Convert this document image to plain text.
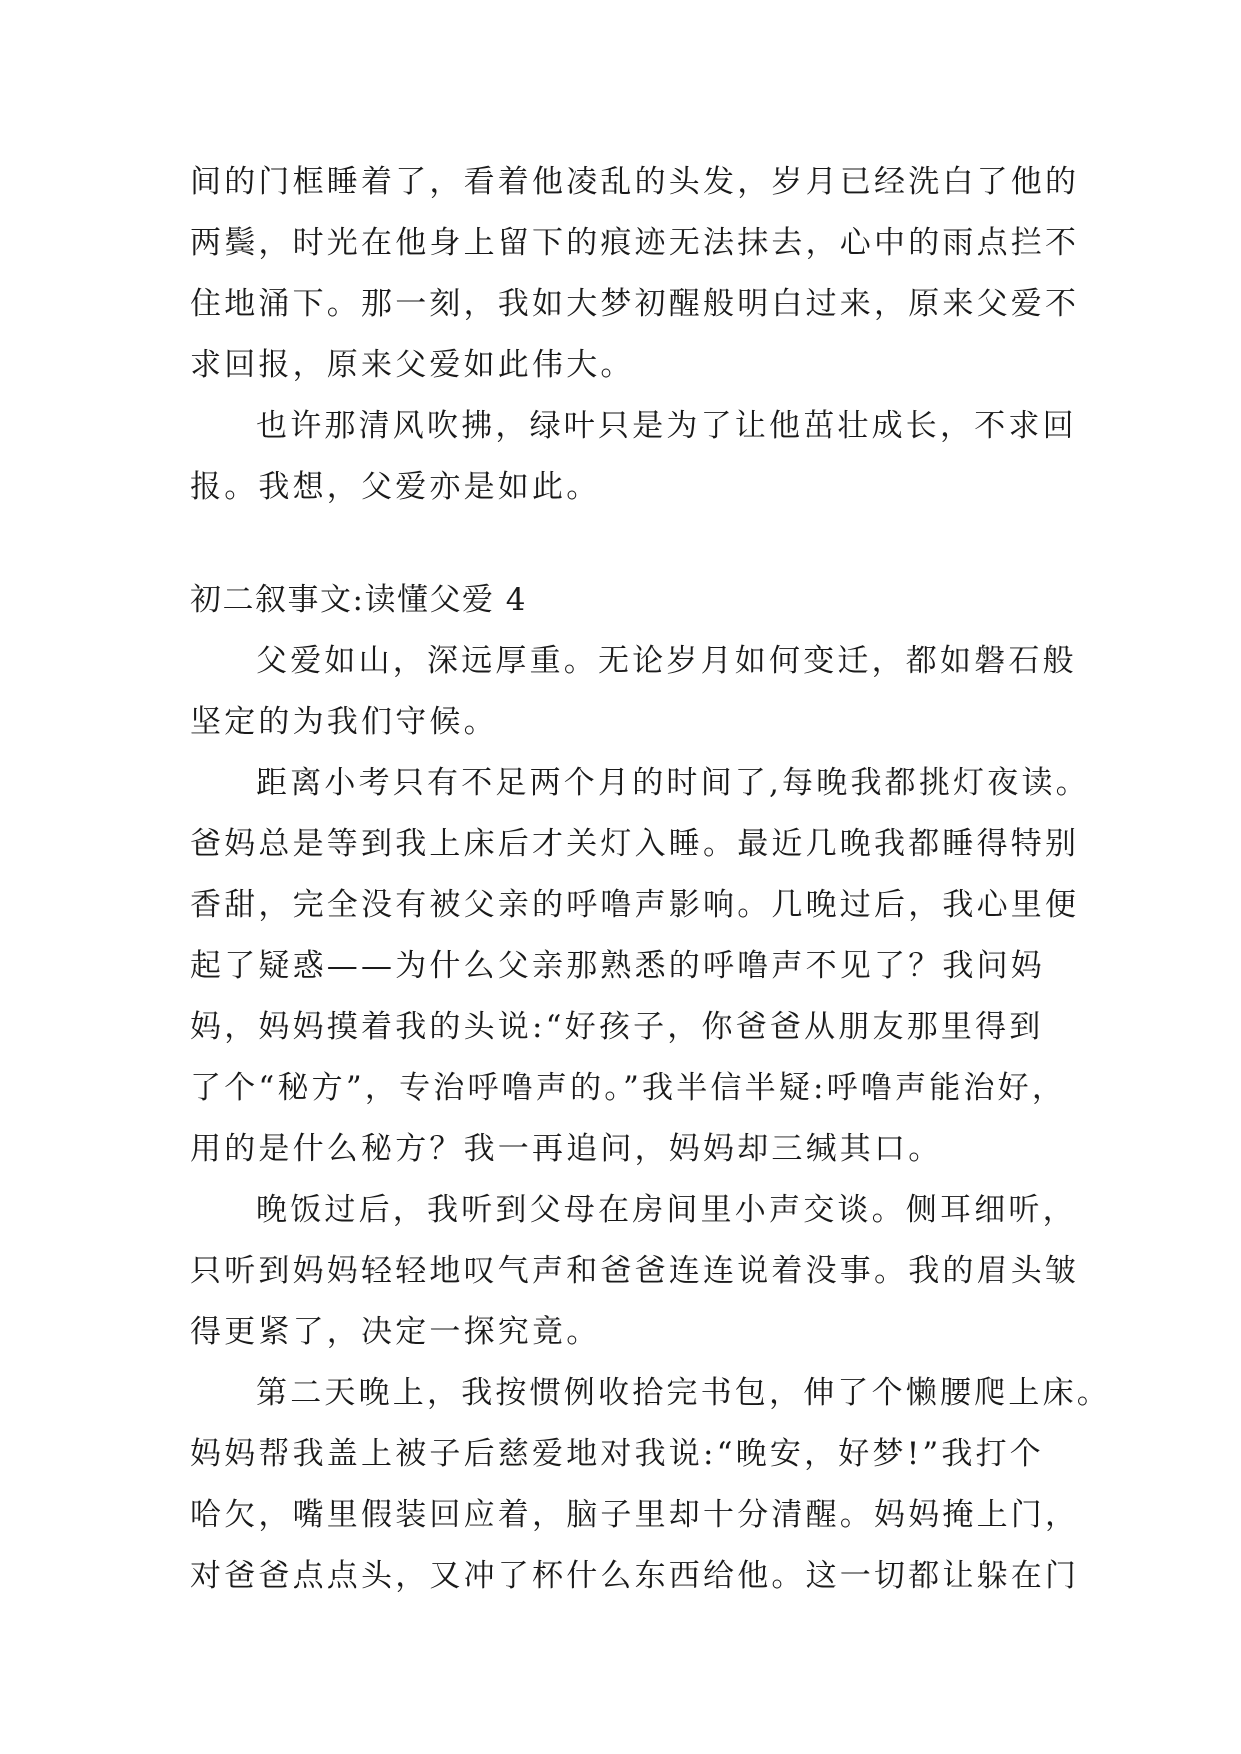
间的门框睡着了，看着他凌乱的头发，岁月已经洗白了他的
两鬓，时光在他身上留下的痕迹无法抹去，心中的雨点拦不
住地涌下。那一刻，我如大梦初醒般明白过来，原来父爱不
求回报，原来父爱如此伟大。
也许那清风吹拂，绿叶只是为了让他茁壮成长，不求回
报。我想，父爱亦是如此。
初二叙事文:读懂父爱 4
父爱如山，深远厚重。无论岁月如何变迁，都如磐石般
坚定的为我们守候。
距离小考只有不足两个月的时间了,每晚我都挑灯夜读。
爸妈总是等到我上床后才关灯入睡。最近几晚我都睡得特别
香甜，完全没有被父亲的呼噜声影响。几晚过后，我心里便
起了疑惑——为什么父亲那熟悉的呼噜声不见了？我问妈
妈，妈妈摸着我的头说:“好孩子，你爸爸从朋友那里得到
了个“秘方”，专治呼噜声的。”我半信半疑:呼噜声能治好，
用的是什么秘方？我一再追问，妈妈却三缄其口。
晚饭过后，我听到父母在房间里小声交谈。侧耳细听，
只听到妈妈轻轻地叹气声和爸爸连连说着没事。我的眉头皱
得更紧了，决定一探究竟。
第二天晚上，我按惯例收拾完书包，伸了个懒腰爬上床。
妈妈帮我盖上被子后慈爱地对我说:“晚安，好梦!”我打个
哈欠，嘴里假装回应着，脑子里却十分清醒。妈妈掩上门，
对爸爸点点头，又冲了杯什么东西给他。这一切都让躲在门
